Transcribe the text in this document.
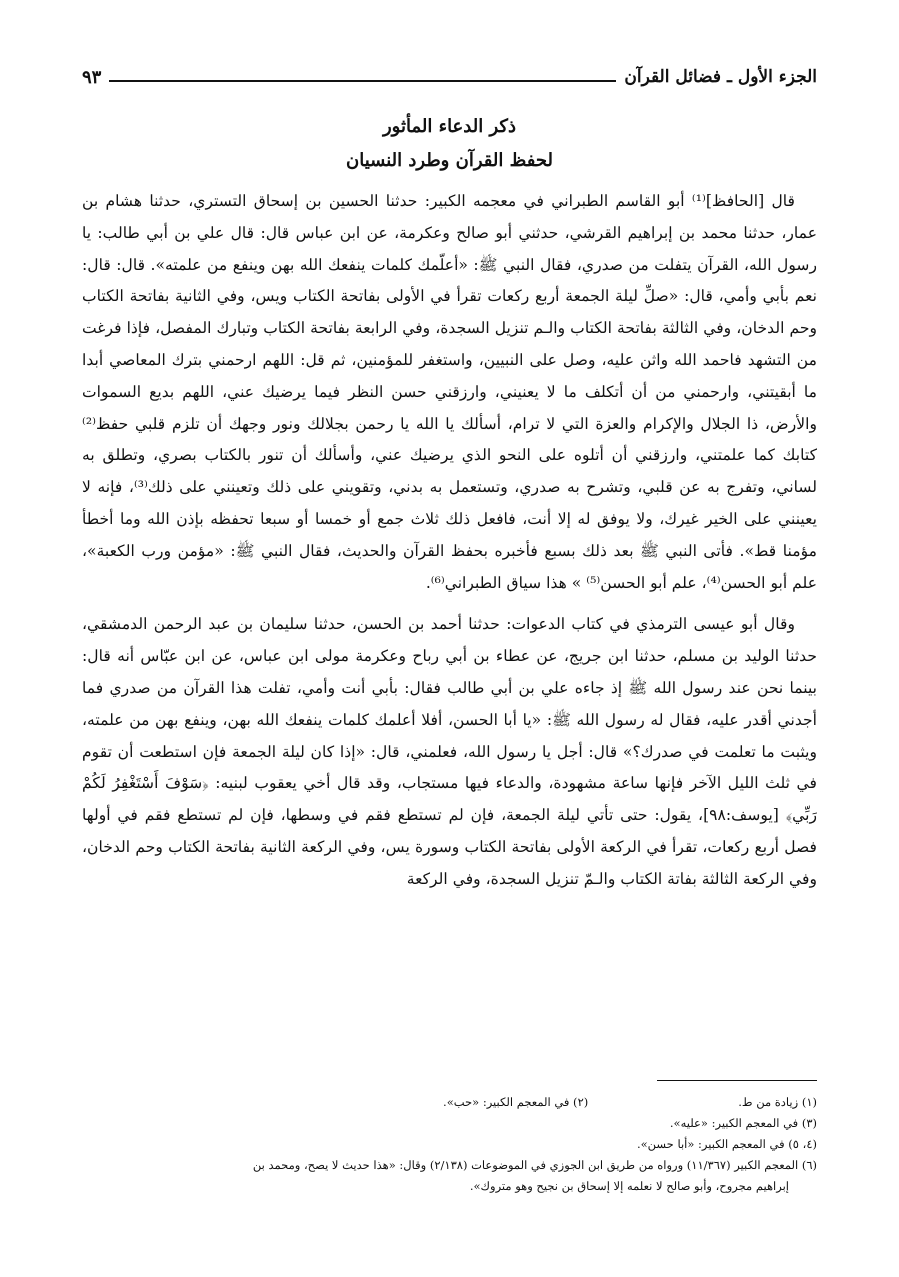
الجزء الأول ـ فضائل القرآن
٩٣
ذكر الدعاء المأثور
لحفظ القرآن وطرد النسيان

قال [الحافظ]⁽¹⁾ أبو القاسم الطبراني في معجمه الكبير: حدثنا الحسين بن إسحاق التستري، حدثنا هشام بن عمار، حدثنا محمد بن إبراهيم القرشي، حدثني أبو صالح وعكرمة، عن ابن عباس قال: قال علي بن أبي طالب: يا رسول الله، القرآن يتفلت من صدري، فقال النبي ﷺ: «أعلّمك كلمات ينفعك الله بهن وينفع من علمته». قال: قال: نعم بأبي وأمي، قال: «صلِّ ليلة الجمعة أربع ركعات تقرأ في الأولى بفاتحة الكتاب ويس، وفي الثانية بفاتحة الكتاب وحم الدخان، وفي الثالثة بفاتحة الكتاب والـم تنزيل السجدة، وفي الرابعة بفاتحة الكتاب وتبارك المفصل، فإذا فرغت من التشهد فاحمد الله واثن عليه، وصل على النبيين، واستغفر للمؤمنين، ثم قل: اللهم ارحمني بترك المعاصي أبدا ما أبقيتني، وارحمني من أن أتكلف ما لا يعنيني، وارزقني حسن النظر فيما يرضيك عني، اللهم بديع السموات والأرض، ذا الجلال والإكرام والعزة التي لا ترام، أسألك يا الله يا رحمن بجلالك ونور وجهك أن تلزم قلبي حفظ⁽²⁾ كتابك كما علمتني، وارزقني أن أتلوه على النحو الذي يرضيك عني، وأسألك أن تنور بالكتاب بصري، وتطلق به لساني، وتفرج به عن قلبي، وتشرح به صدري، وتستعمل به بدني، وتقويني على ذلك وتعينني على ذلك⁽³⁾، فإنه لا يعينني على الخير غيرك، ولا يوفق له إلا أنت، فافعل ذلك ثلاث جمع أو خمسا أو سبعا تحفظه بإذن الله وما أخطأ مؤمنا قط». فأتى النبي ﷺ بعد ذلك بسبع فأخبره بحفظ القرآن والحديث، فقال النبي ﷺ: «مؤمن ورب الكعبة»، علم أبو الحسن⁽⁴⁾، علم أبو الحسن⁽⁵⁾ » هذا سياق الطبراني⁽⁶⁾.

وقال أبو عيسى الترمذي في كتاب الدعوات: حدثنا أحمد بن الحسن، حدثنا سليمان بن عبد الرحمن الدمشقي، حدثنا الوليد بن مسلم، حدثنا ابن جريج، عن عطاء بن أبي رباح وعكرمة مولى ابن عباس، عن ابن عبّاس أنه قال: بينما نحن عند رسول الله ﷺ إذ جاءه علي بن أبي طالب فقال: بأبي أنت وأمي، تفلت هذا القرآن من صدري فما أجدني أقدر عليه، فقال له رسول الله ﷺ: «يا أبا الحسن، أفلا أعلمك كلمات ينفعك الله بهن، وينفع بهن من علمته، ويثبت ما تعلمت في صدرك؟» قال: أجل يا رسول الله، فعلمني، قال: «إذا كان ليلة الجمعة فإن استطعت أن تقوم في ثلث الليل الآخر فإنها ساعة مشهودة، والدعاء فيها مستجاب، وقد قال أخي يعقوب لبنيه: ﴿سَوْفَ أَسْتَغْفِرُ لَكُمْ رَبِّي﴾ [يوسف:٩٨]، يقول: حتى تأتي ليلة الجمعة، فإن لم تستطع فقم في وسطها، فإن لم تستطع فقم في أولها فصل أربع ركعات، تقرأ في الركعة الأولى بفاتحة الكتاب وسورة يس، وفي الركعة الثانية بفاتحة الكتاب وحم الدخان، وفي الركعة الثالثة بفاتة الكتاب والـمّ تنزيل السجدة، وفي الركعة

(١) زيادة من ط.
(٢) في المعجم الكبير: «حب».
(٣) في المعجم الكبير: «عليه».
(٤، ٥) في المعجم الكبير: «أبا حسن».
(٦) المعجم الكبير (١١/٣٦٧) ورواه من طريق ابن الجوزي في الموضوعات (٢/١٣٨) وقال: «هذا حديث لا يصح، ومحمد بن
إبراهيم مجروح، وأبو صالح لا نعلمه إلا إسحاق بن نجيح وهو متروك».
